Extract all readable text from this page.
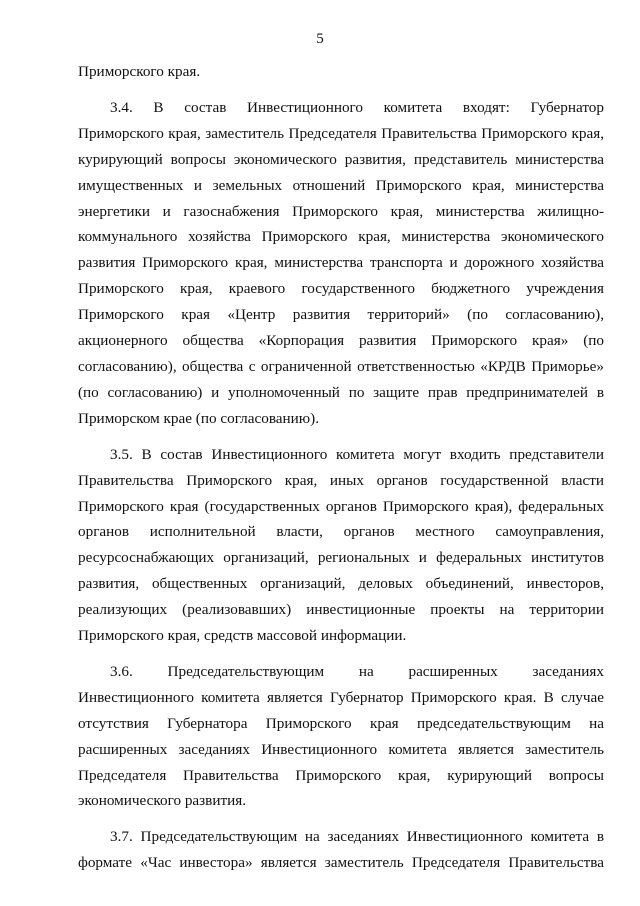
5
Приморского края.
3.4. В состав Инвестиционного комитета входят: Губернатор
Приморского края, заместитель Председателя Правительства Приморского края,
курирующий вопросы экономического развития, представитель министерства
имущественных и земельных отношений Приморского края, министерства
энергетики и газоснабжения Приморского края, министерства жилищно-
коммунального хозяйства Приморского края, министерства экономического
развития Приморского края, министерства транспорта и дорожного хозяйства
Приморского края, краевого государственного бюджетного учреждения
Приморского края «Центр развития территорий» (по согласованию),
акционерного общества «Корпорация развития Приморского края» (по
согласованию), общества с ограниченной ответственностью «КРДВ Приморье»
(по согласованию) и уполномоченный по защите прав предпринимателей в
Приморском крае (по согласованию).
3.5. В состав Инвестиционного комитета могут входить представители
Правительства Приморского края, иных органов государственной власти
Приморского края (государственных органов Приморского края), федеральных
органов исполнительной власти, органов местного самоуправления,
ресурсоснабжающих организаций, региональных и федеральных институтов
развития, общественных организаций, деловых объединений, инвесторов,
реализующих (реализовавших) инвестиционные проекты на территории
Приморского края, средств массовой информации.
3.6. Председательствующим на расширенных заседаниях
Инвестиционного комитета является Губернатор Приморского края. В случае
отсутствия Губернатора Приморского края председательствующим на
расширенных заседаниях Инвестиционного комитета является заместитель
Председателя Правительства Приморского края, курирующий вопросы
экономического развития.
3.7. Председательствующим на заседаниях Инвестиционного комитета в
формате «Час инвестора» является заместитель Председателя Правительства
